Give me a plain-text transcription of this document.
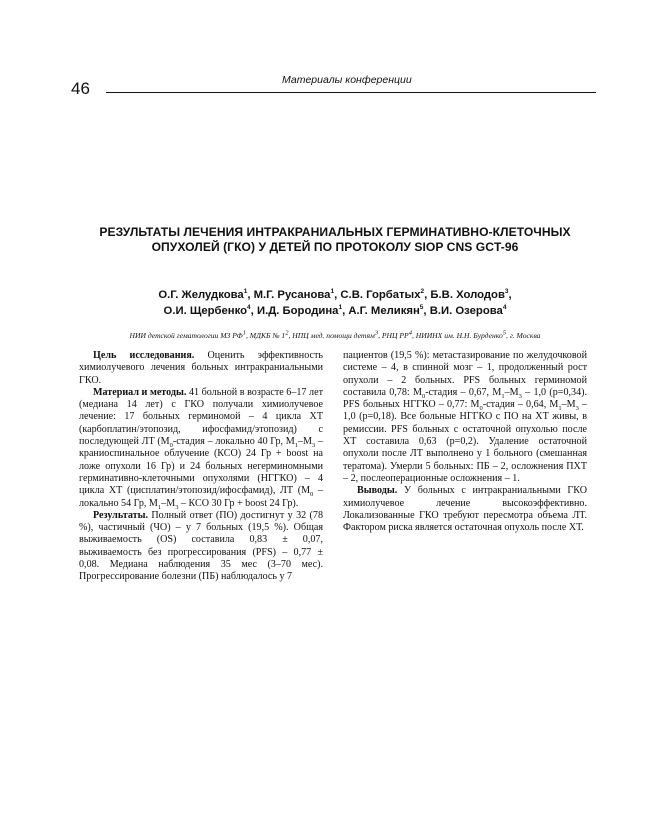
46	Материалы конференции
РЕЗУЛЬТАТЫ ЛЕЧЕНИЯ ИНТРАКРАНИАЛЬНЫХ ГЕРМИНАТИВНО-КЛЕТОЧНЫХ
ОПУХОЛЕЙ (ГКО) У ДЕТЕЙ ПО ПРОТОКОЛУ SIOP CNS GCT-96
О.Г. Желудкова$^1$, М.Г. Русанова$^1$, С.В. Горбатых$^2$, Б.В. Холодов$^3$,
О.И. Щербенко$^4$, И.Д. Бородина$^1$, А.Г. Меликян$^5$, В.И. Озерова$^4$
НИИ детской гематологии МЗ $РФ^1$, МДКБ № $1^2$, НПЦ мед. помощи детям$^3$, РНЦ $РР^4$, НИИНХ им. Н.Н. Бурденко$^5$, г. Москва

Цель исследования. Оценить эффективность химиолучевого лечения больных интракраниальными ГКО.

Материал и методы. 41 больной в возрасте 6–17 лет (медиана 14 лет) с ГКО получали химиолучевое лечение: 17 больных герминомой – 4 цикла ХТ (карбоплатин/этопозид, ифосфамид/этопозид) с последующей ЛТ ($М_0$-стадия – локально 40 Гр, $М_1-М_3$ – краниоспинальное облучение (КСО) 24 Гр + boost на ложе опухоли 16 Гр) и 24 больных негерминомными герминативно-клеточными опухолями (НГГКО) – 4 цикла ХТ (цисплатин/этопозид/ифосфамид), ЛТ ($М_0$ – локально 54 Гр, $М_1-М_3$ – КСО 30 Гр + boost 24 Гр).

Результаты. Полный ответ (ПО) достигнут у 32 (78 %), частичный (ЧО) – у 7 больных (19,5 %). Общая выживаемость (OS) составила 0,83 ± 0,07, выживаемость без прогрессирования (PFS) – 0,77 ± 0,08. Медиана наблюдения 35 мес (3–70 мес). Прогрессирование болезни (ПБ) наблюдалось у 7

пациентов (19,5 %): метастазирование по желудочковой системе – 4, в спинной мозг – 1, продолженный рост опухоли – 2 больных. PFS больных герминомой составила 0,78: $М_0$-стадия – 0,67, $М_1-М_3 - 1,0$ (p=0,34). PFS больных НГГКО – 0,77: $М_0$-стадия – 0,64, $М_1-М_3 - 1,0$ (p=0,18). Все больные НГГКО с ПО на ХТ живы, в ремиссии. PFS больных с остаточной опухолью после ХТ составила 0,63 (p=0,2). Удаление остаточной опухоли после ЛТ выполнено у 1 больного (смешанная тератома). Умерли 5 больных: ПБ – 2, осложнения ПХТ – 2, послеоперационные осложнения – 1.

Выводы. У больных с интракраниальными ГКО химиолучевое лечение высокоэффективно. Локализованные ГКО требуют пересмотра объема ЛТ. Фактором риска является остаточная опухоль после ХТ.
